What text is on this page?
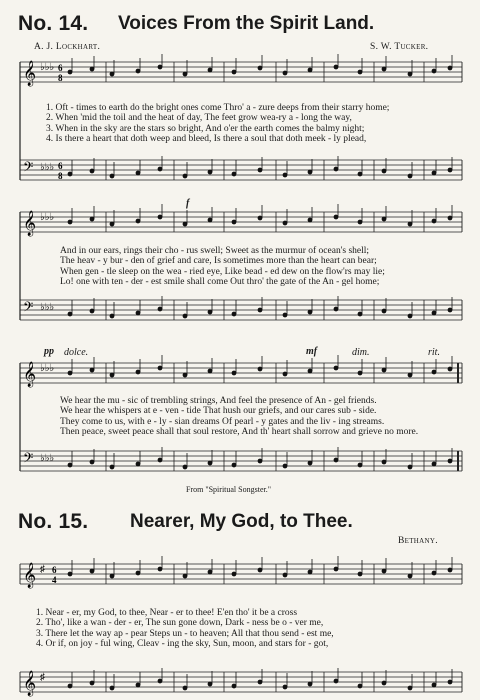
No. 14. Voices From the Spirit Land.
A. J. Lockhart.	S. W. Tucker.
𝄞 ♭♭♭ 6
8
𝄢 ♭♭♭ 6
8
𝄞 ♭♭♭
𝄢 ♭♭♭
𝄞 ♭♭♭
𝄢 ♭♭♭
𝄞 ♯ 6
4
𝄞 ♯
1. Oft - times to earth do the bright ones come Thro' a - zure deeps from their starry home;
2. When 'mid the toil and the heat of day, The feet grow wea-ry a - long the way,
3. When in the sky are the stars so bright, And o'er the earth comes the balmy night;
4. Is there a heart that doth weep and bleed, Is there a soul that doth meek - ly plead,
f
And in our ears, rings their cho - rus swell; Sweet as the murmur of ocean's shell;
The heav - y bur - den of grief and care, Is sometimes more than the heart can bear;
When gen - tle sleep on the wea - ried eye, Like bead - ed dew on the flow'rs may lie;
Lo! one with ten - der - est smile shall come Out thro' the gate of the An - gel home;
pp dolce.	mf	dim.	rit.
We hear the mu - sic of trembling strings, And feel the presence of An - gel friends.
We hear the whispers at e - ven - tide That hush our griefs, and our cares sub - side.
They come to us, with e - ly - sian dreams Of pearl - y gates and the liv - ing streams.
Then peace, sweet peace shall that soul restore, And th' heart shall sorrow and grieve no more.
From "Spiritual Songster."
No. 15. Nearer, My God, to Thee.
Bethany.
1. Near - er, my God, to thee, Near - er to thee! E'en tho' it be a cross
2. Tho', like a wan - der - er, The sun gone down, Dark - ness be o - ver me,
3. There let the way ap - pear Steps un - to heaven; All that thou send - est me,
4. Or if, on joy - ful wing, Cleav - ing the sky, Sun, moon, and stars for - got,
